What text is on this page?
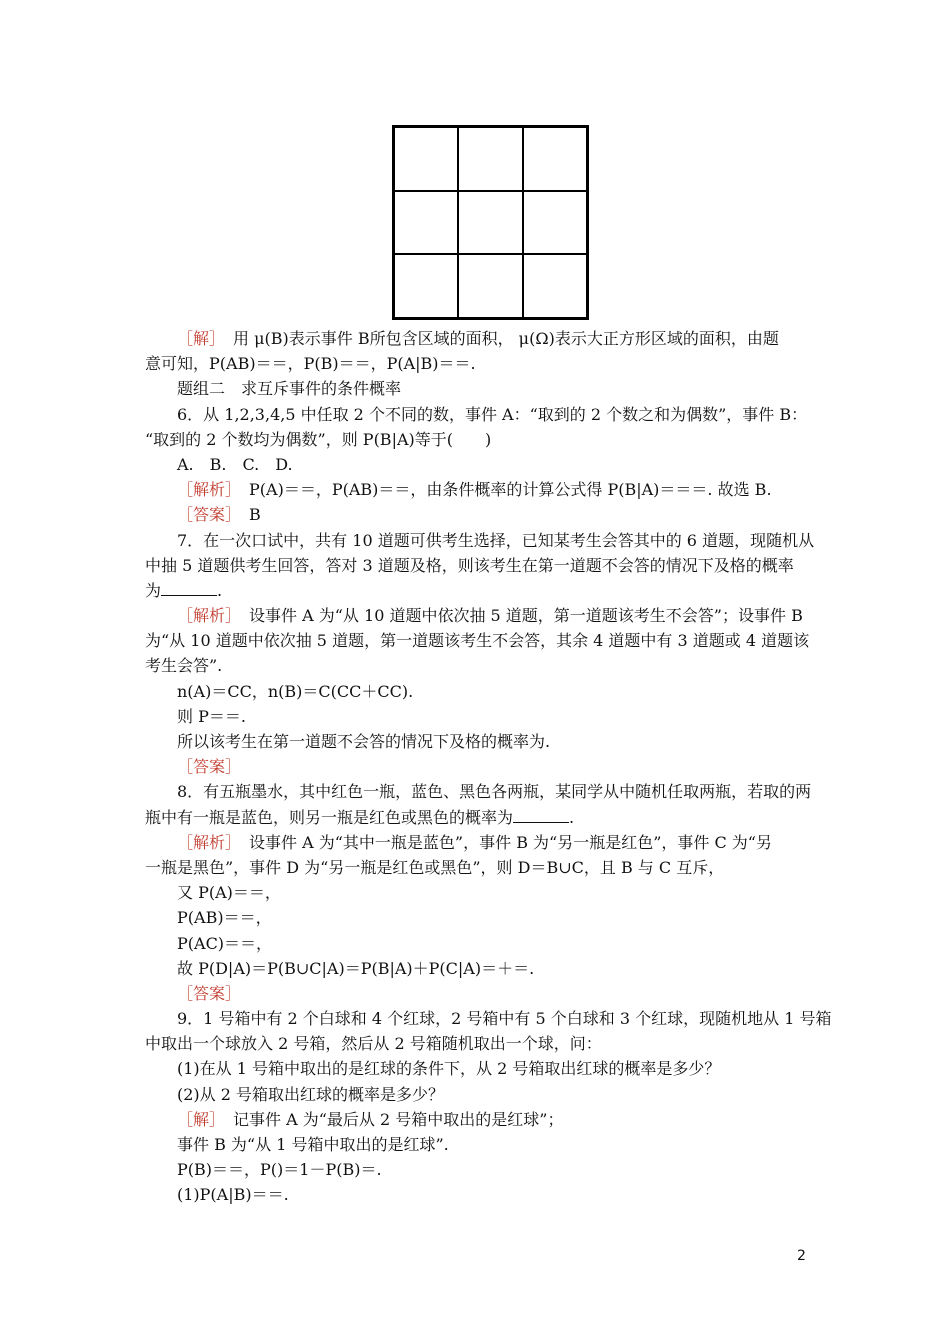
［解］　用 μ(B)表示事件 B所包含区域的面积， μ(Ω)表示大正方形区域的面积，由题
意可知，P(AB)＝＝，P(B)＝＝，P(A|B)＝＝.
题组二　求互斥事件的条件概率
6．从 1,2,3,4,5 中任取 2 个不同的数，事件 A：“取到的 2 个数之和为偶数”，事件 B：
“取到的 2 个数均为偶数”，则 P(B|A)等于(　　)
A.　B.　C.　D.
［解析］　P(A)＝＝，P(AB)＝＝，由条件概率的计算公式得 P(B|A)＝＝＝. 故选 B.
［答案］　B
7．在一次口试中，共有 10 道题可供考生选择，已知某考生会答其中的 6 道题，现随机从
中抽 5 道题供考生回答，答对 3 道题及格，则该考生在第一道题不会答的情况下及格的概率
为	.
［解析］　设事件 A 为“从 10 道题中依次抽 5 道题，第一道题该考生不会答”；设事件 B
为“从 10 道题中依次抽 5 道题，第一道题该考生不会答，其余 4 道题中有 3 道题或 4 道题该
考生会答”.
n(A)＝CC，n(B)＝C(CC＋CC).
则 P＝＝.
所以该考生在第一道题不会答的情况下及格的概率为.
［答案］
8．有五瓶墨水，其中红色一瓶，蓝色、黑色各两瓶，某同学从中随机任取两瓶，若取的两
瓶中有一瓶是蓝色，则另一瓶是红色或黑色的概率为	.
［解析］　设事件 A 为“其中一瓶是蓝色”，事件 B 为“另一瓶是红色”，事件 C 为“另
一瓶是黑色”，事件 D 为“另一瓶是红色或黑色”，则 D＝B∪C，且 B 与 C 互斥，
又 P(A)＝＝，
P(AB)＝＝，
P(AC)＝＝，
故 P(D|A)＝P(B∪C|A)＝P(B|A)＋P(C|A)＝＋＝.
［答案］
9．1 号箱中有 2 个白球和 4 个红球，2 号箱中有 5 个白球和 3 个红球，现随机地从 1 号箱
中取出一个球放入 2 号箱，然后从 2 号箱随机取出一个球，问：
(1)在从 1 号箱中取出的是红球的条件下，从 2 号箱取出红球的概率是多少？
(2)从 2 号箱取出红球的概率是多少？
［解］　记事件 A 为“最后从 2 号箱中取出的是红球”；
事件 B 为“从 1 号箱中取出的是红球”.
P(B)＝＝，P()＝1－P(B)＝.
(1)P(A|B)＝＝.
2
